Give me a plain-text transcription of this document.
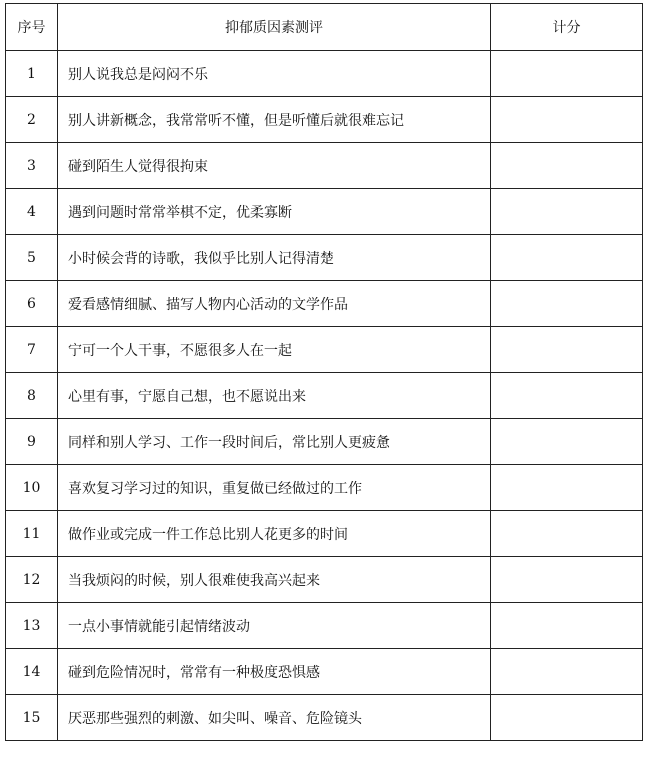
序号	抑郁质因素测评	计分
1	别人说我总是闷闷不乐	
2	别人讲新概念，我常常听不懂，但是听懂后就很难忘记	
3	碰到陌生人觉得很拘束	
4	遇到问题时常常举棋不定，优柔寡断	
5	小时候会背的诗歌，我似乎比别人记得清楚	
6	爱看感情细腻、描写人物内心活动的文学作品	
7	宁可一个人干事，不愿很多人在一起	
8	心里有事，宁愿自己想，也不愿说出来	
9	同样和别人学习、工作一段时间后，常比别人更疲惫	
10	喜欢复习学习过的知识，重复做已经做过的工作	
11	做作业或完成一件工作总比别人花更多的时间	
12	当我烦闷的时候，别人很难使我高兴起来	
13	一点小事情就能引起情绪波动	
14	碰到危险情况时，常常有一种极度恐惧感	
15	厌恶那些强烈的刺激、如尖叫、噪音、危险镜头	
